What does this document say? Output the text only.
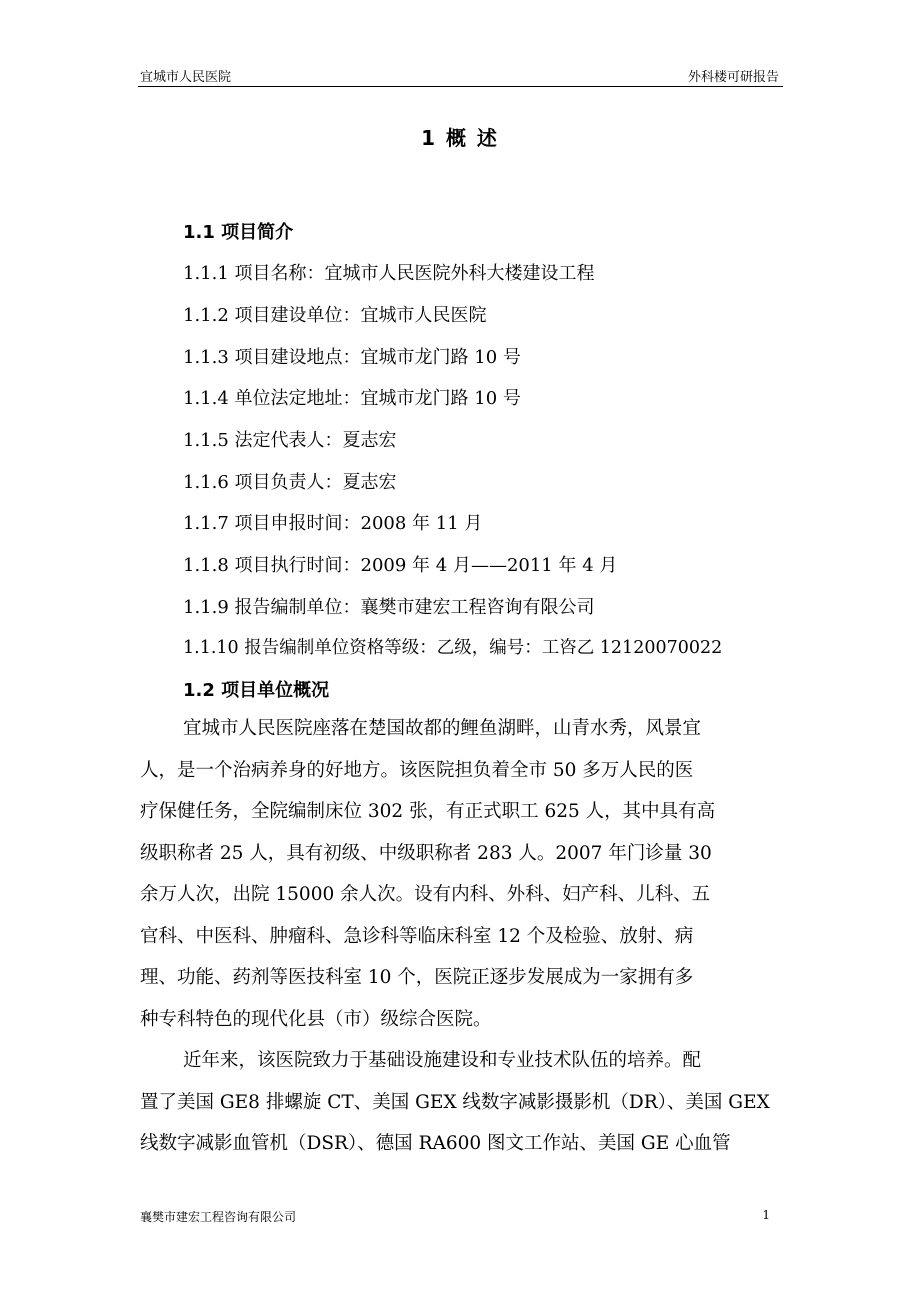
宜城市人民医院	外科楼可研报告
1 概 述
1.1 项目简介
1.1.1 项目名称：宜城市人民医院外科大楼建设工程
1.1.2 项目建设单位：宜城市人民医院
1.1.3 项目建设地点：宜城市龙门路 10 号
1.1.4 单位法定地址：宜城市龙门路 10 号
1.1.5 法定代表人：夏志宏
1.1.6 项目负责人：夏志宏
1.1.7 项目申报时间：2008 年 11 月
1.1.8 项目执行时间：2009 年 4 月——2011 年 4 月
1.1.9 报告编制单位：襄樊市建宏工程咨询有限公司
1.1.10 报告编制单位资格等级：乙级，编号：工咨乙 12120070022
1.2 项目单位概况
宜城市人民医院座落在楚国故都的鲤鱼湖畔，山青水秀，风景宜
人，是一个治病养身的好地方。该医院担负着全市 50 多万人民的医
疗保健任务，全院编制床位 302 张，有正式职工 625 人，其中具有高
级职称者 25 人，具有初级、中级职称者 283 人。2007 年门诊量 30
余万人次，出院 15000 余人次。设有内科、外科、妇产科、儿科、五
官科、中医科、肿瘤科、急诊科等临床科室 12 个及检验、放射、病
理、功能、药剂等医技科室 10 个，医院正逐步发展成为一家拥有多
种专科特色的现代化县（市）级综合医院。
近年来，该医院致力于基础设施建设和专业技术队伍的培养。配
置了美国 GE8 排螺旋 CT、美国 GEX 线数字减影摄影机（DR）、美国 GEX
线数字减影血管机（DSR）、德国 RA600 图文工作站、美国 GE 心血管
襄樊市建宏工程咨询有限公司	1
